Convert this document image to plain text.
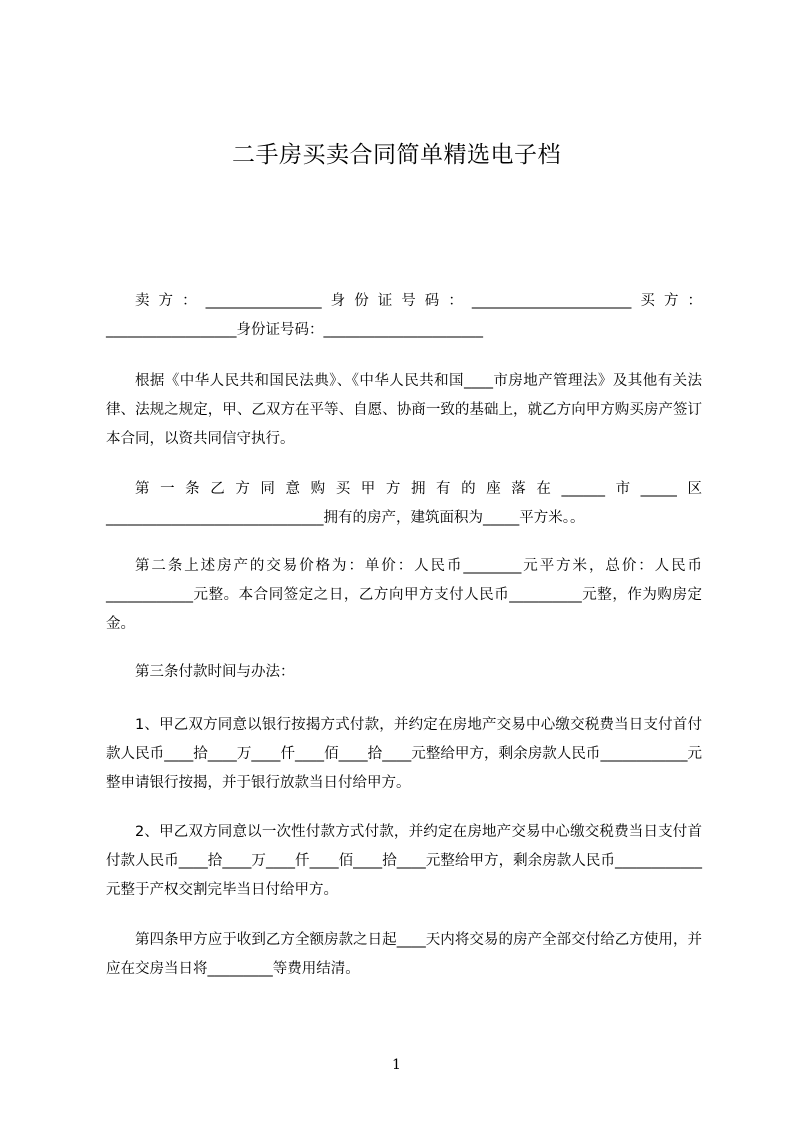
二手房买卖合同简单精选电子档

卖方：________________身份证号码：______________________买方：__________________身份证号码：______________________

根据《中华人民共和国民法典》、《中华人民共和国____市房地产管理法》及其他有关法律、法规之规定，甲、乙双方在平等、自愿、协商一致的基础上，就乙方向甲方购买房产签订本合同，以资共同信守执行。

第一条乙方同意购买甲方拥有的座落在______市_____区______________________________拥有的房产，建筑面积为_____平方米。。

第二条上述房产的交易价格为：单价：人民币________元平方米，总价：人民币____________元整。本合同签定之日，乙方向甲方支付人民币__________元整，作为购房定金。

第三条付款时间与办法：

1、甲乙双方同意以银行按揭方式付款，并约定在房地产交易中心缴交税费当日支付首付款人民币____拾____万____仟____佰____拾____元整给甲方，剩余房款人民币____________元整申请银行按揭，并于银行放款当日付给甲方。

2、甲乙双方同意以一次性付款方式付款，并约定在房地产交易中心缴交税费当日支付首付款人民币____拾____万____仟____佰____拾____元整给甲方，剩余房款人民币____________元整于产权交割完毕当日付给甲方。

第四条甲方应于收到乙方全额房款之日起____天内将交易的房产全部交付给乙方使用，并应在交房当日将_________等费用结清。

1
